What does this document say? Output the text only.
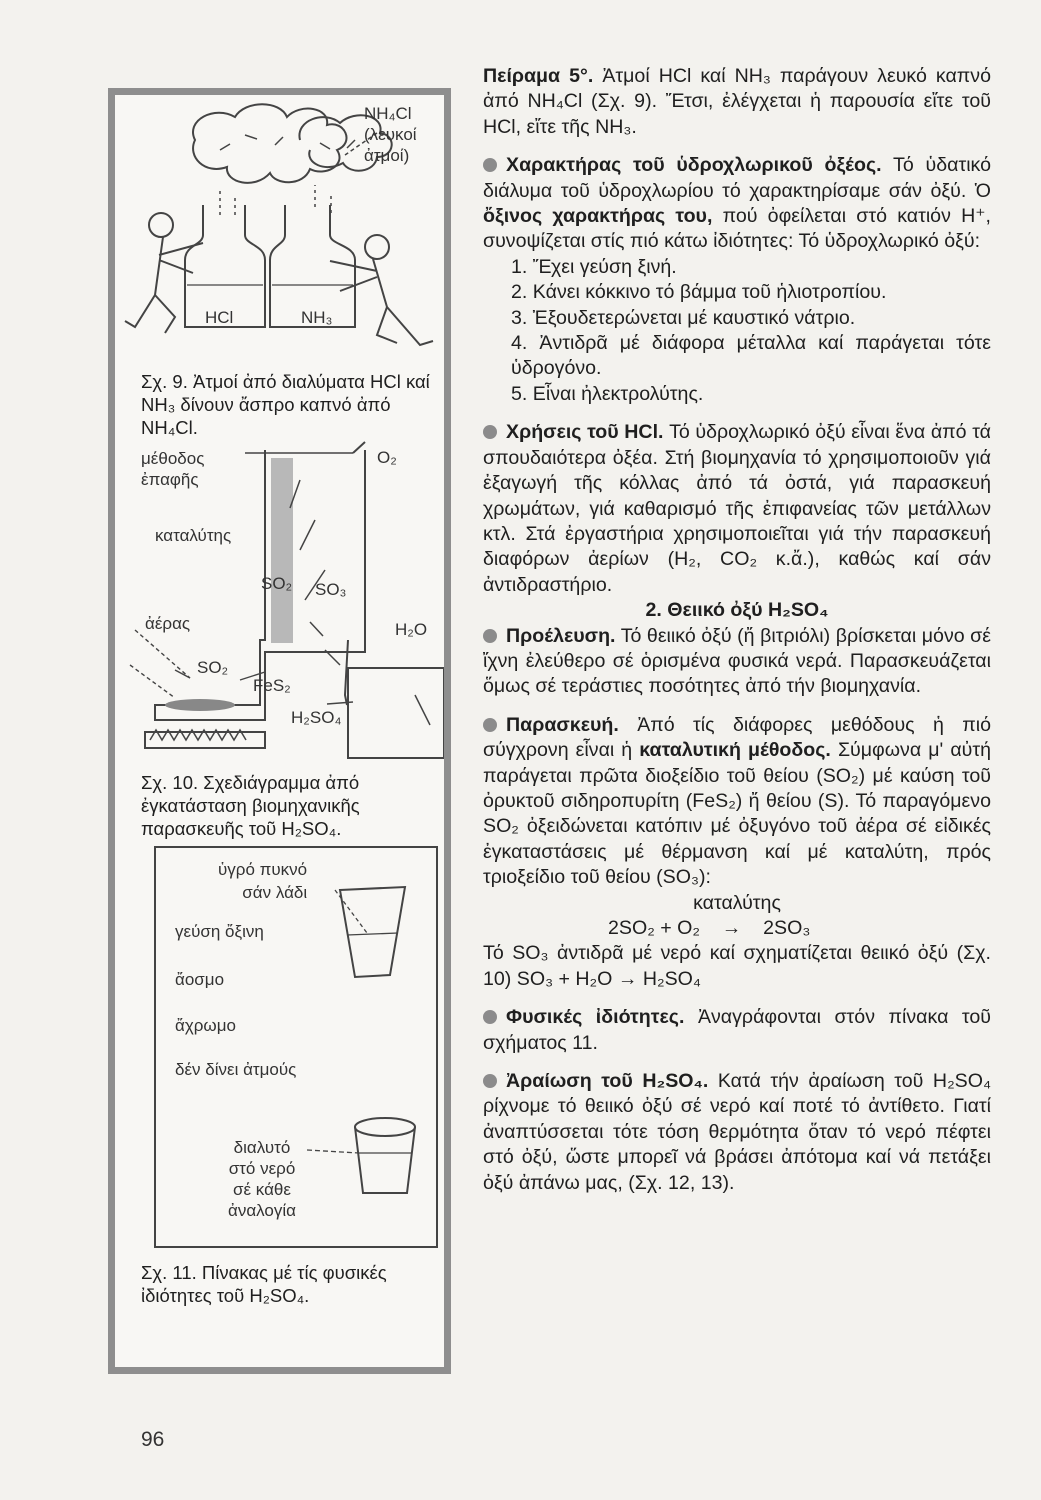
NH₄Cl
(λευκοί
ἀτμοί)
HCl	NH₃
Σχ. 9. Ἀτμοί ἀπό διαλύματα HCl καί NH₃ δίνουν ἄσπρο καπνό ἀπό NH₄Cl.
μέθοδος
ἐπαφῆς
O₂
καταλύτης
SO₂ SO₃
ἀέρας	H₂O
SO₂
FeS₂
H₂SO₄
Σχ. 10. Σχεδιάγραμμα ἀπό ἐγκατάσταση βιομηχανικῆς παρασκευῆς τοῦ H₂SO₄.
ὑγρό πυκνό
σάν λάδι
γεύση ὄξινη
ἄοσμο
ἄχρωμο
δέν δίνει ἀτμούς
διαλυτό
στό νερό
σέ κάθε
ἀναλογία
Σχ. 11. Πίνακας μέ τίς φυσικές ἰδιότητες τοῦ H₂SO₄.

Πείραμα 5°. Ἀτμοί HCl καί NH₃ παράγουν λευκό καπνό ἀπό NH₄Cl (Σχ. 9). Ἔτσι, ἐλέγχεται ἡ παρουσία εἴτε τοῦ HCl, εἴτε τῆς NH₃.

Χαρακτήρας τοῦ ὑδροχλωρικοῦ ὀξέος. Τό ὑδατικό διάλυμα τοῦ ὑδροχλωρίου τό χαρακτηρίσαμε σάν ὀξύ. Ὁ ὄξινος χαρακτήρας του, πού ὀφείλεται στό κατιόν H⁺, συνοψίζεται στίς πιό κάτω ἰδιότητες: Τό ὑδροχλωρικό ὀξύ:

1. Ἔχει γεύση ξινή.

2. Κάνει κόκκινο τό βάμμα τοῦ ἡλιοτροπίου.

3. Ἐξουδετερώνεται μέ καυστικό νάτριο.

4. Ἀντιδρᾶ μέ διάφορα μέταλλα καί παράγεται τότε ὑδρογόνο.

5. Εἶναι ἠλεκτρολύτης.

Χρήσεις τοῦ HCl. Τό ὑδροχλωρικό ὀξύ εἶναι ἕνα ἀπό τά σπουδαιότερα ὀξέα. Στή βιομηχανία τό χρησιμοποιοῦν γιά ἐξαγωγή τῆς κόλλας ἀπό τά ὀστά, γιά παρασκευή χρωμάτων, γιά καθαρισμό τῆς ἐπιφανείας τῶν μετάλλων κτλ. Στά ἐργαστήρια χρησιμοποιεῖται γιά τήν παρασκευή διαφόρων ἀερίων (H₂, CO₂ κ.ἄ.), καθώς καί σάν ἀντιδραστήριο.

2. Θειικό ὀξύ H₂SO₄

Προέλευση. Τό θειικό ὀξύ (ἤ βιτριόλι) βρίσκεται μόνο σέ ἴχνη ἐλεύθερο σέ ὁρισμένα φυσικά νερά. Παρασκευάζεται ὅμως σέ τεράστιες ποσότητες ἀπό τήν βιομηχανία.

Παρασκευή. Ἀπό τίς διάφορες μεθόδους ἡ πιό σύγχρονη εἶναι ἡ καταλυτική μέθοδος. Σύμφωνα μ' αὐτή παράγεται πρῶτα διοξείδιο τοῦ θείου (SO₂) μέ καύση τοῦ ὀρυκτοῦ σιδηροπυρίτη (FeS₂) ἤ θείου (S). Τό παραγόμενο SO₂ ὀξειδώνεται κατόπιν μέ ὀξυγόνο τοῦ ἀέρα σέ εἰδικές ἐγκαταστάσεις μέ θέρμανση καί μέ καταλύτη, πρός τριοξείδιο τοῦ θείου (SO₃):

καταλύτης

2SO₂ + O₂    →    2SO₃

Τό SO₃ ἀντιδρᾶ μέ νερό καί σχηματίζεται θειικό ὀξύ (Σχ. 10) SO₃ + H₂O → H₂SO₄

Φυσικές ἰδιότητες. Ἀναγράφονται στόν πίνακα τοῦ σχήματος 11.

Ἀραίωση τοῦ H₂SO₄. Κατά τήν ἀραίωση τοῦ H₂SO₄ ρίχνομε τό θειικό ὀξύ σέ νερό καί ποτέ τό ἀντίθετο. Γιατί ἀναπτύσσεται τότε τόση θερμότητα ὅταν τό νερό πέφτει στό ὀξύ, ὥστε μπορεῖ νά βράσει ἀπότομα καί νά πετάξει ὀξύ ἀπάνω μας, (Σχ. 12, 13).

96
